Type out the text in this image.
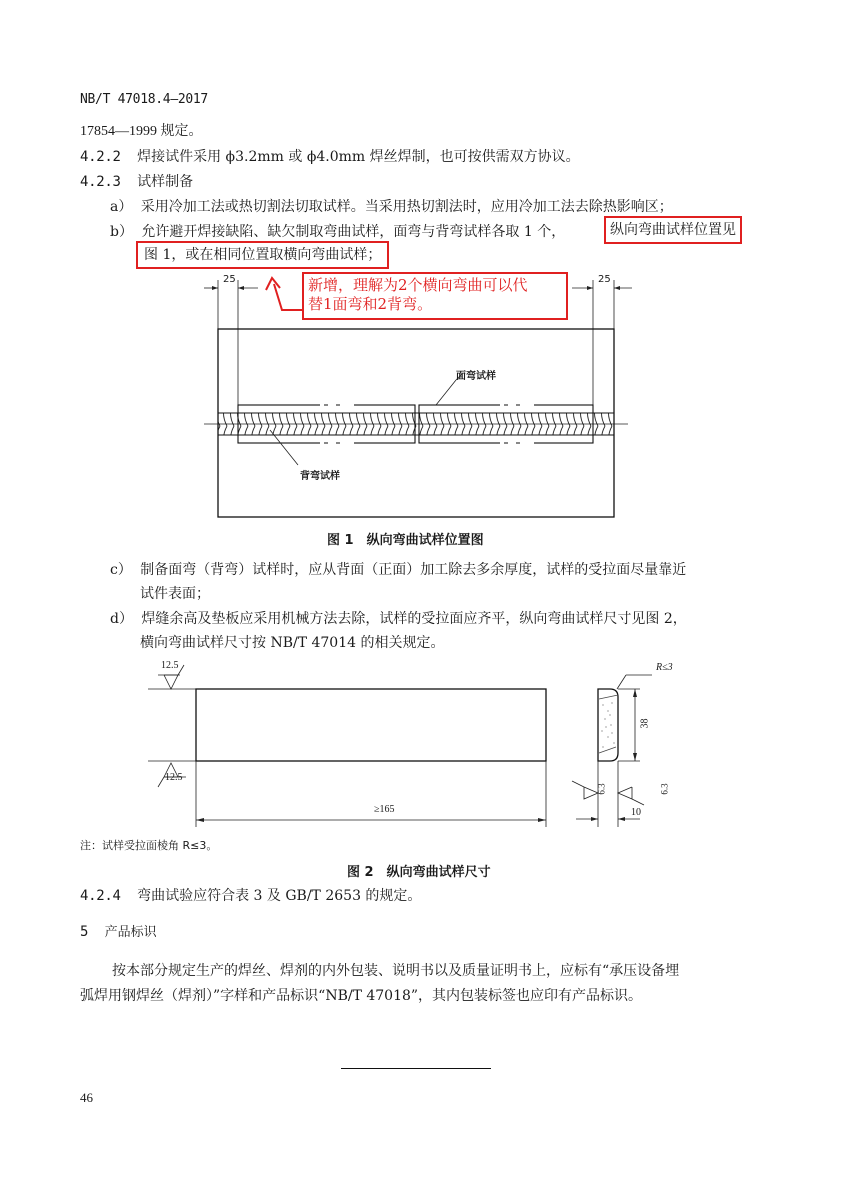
NB/T 47018.4—2017
17854—1999 规定。
4.2.2 焊接试件采用 ϕ3.2mm 或 ϕ4.0mm 焊丝焊制，也可按供需双方协议。
4.2.3 试样制备
a） 采用冷加工法或热切割法切取试样。当采用热切割法时，应用冷加工法去除热影响区；
b） 允许避开焊接缺陷、缺欠制取弯曲试样，面弯与背弯试样各取 1 个，	纵向弯曲试样位置见
图 1，或在相同位置取横向弯曲试样；
新增，理解为2个横向弯曲可以代
替1面弯和2背弯。
25	25
面弯试样
背弯试样
图 1　纵向弯曲试样位置图
c） 制备面弯（背弯）试样时，应从背面（正面）加工除去多余厚度，试样的受拉面尽量靠近
试件表面；
d） 焊缝余高及垫板应采用机械方法去除，试样的受拉面应齐平，纵向弯曲试样尺寸见图 2，
横向弯曲试样尺寸按 NB/T 47014 的相关规定。
12.5
12.5
≥165
R≤3
38
10
6.3	6.3
注：试样受拉面棱角 R≤3。
图 2　纵向弯曲试样尺寸
4.2.4 弯曲试验应符合表 3 及 GB/T 2653 的规定。
5 产品标识
按本部分规定生产的焊丝、焊剂的内外包装、说明书以及质量证明书上，应标有“承压设备埋
弧焊用钢焊丝（焊剂）”字样和产品标识“NB/T 47018”，其内包装标签也应印有产品标识。
46
